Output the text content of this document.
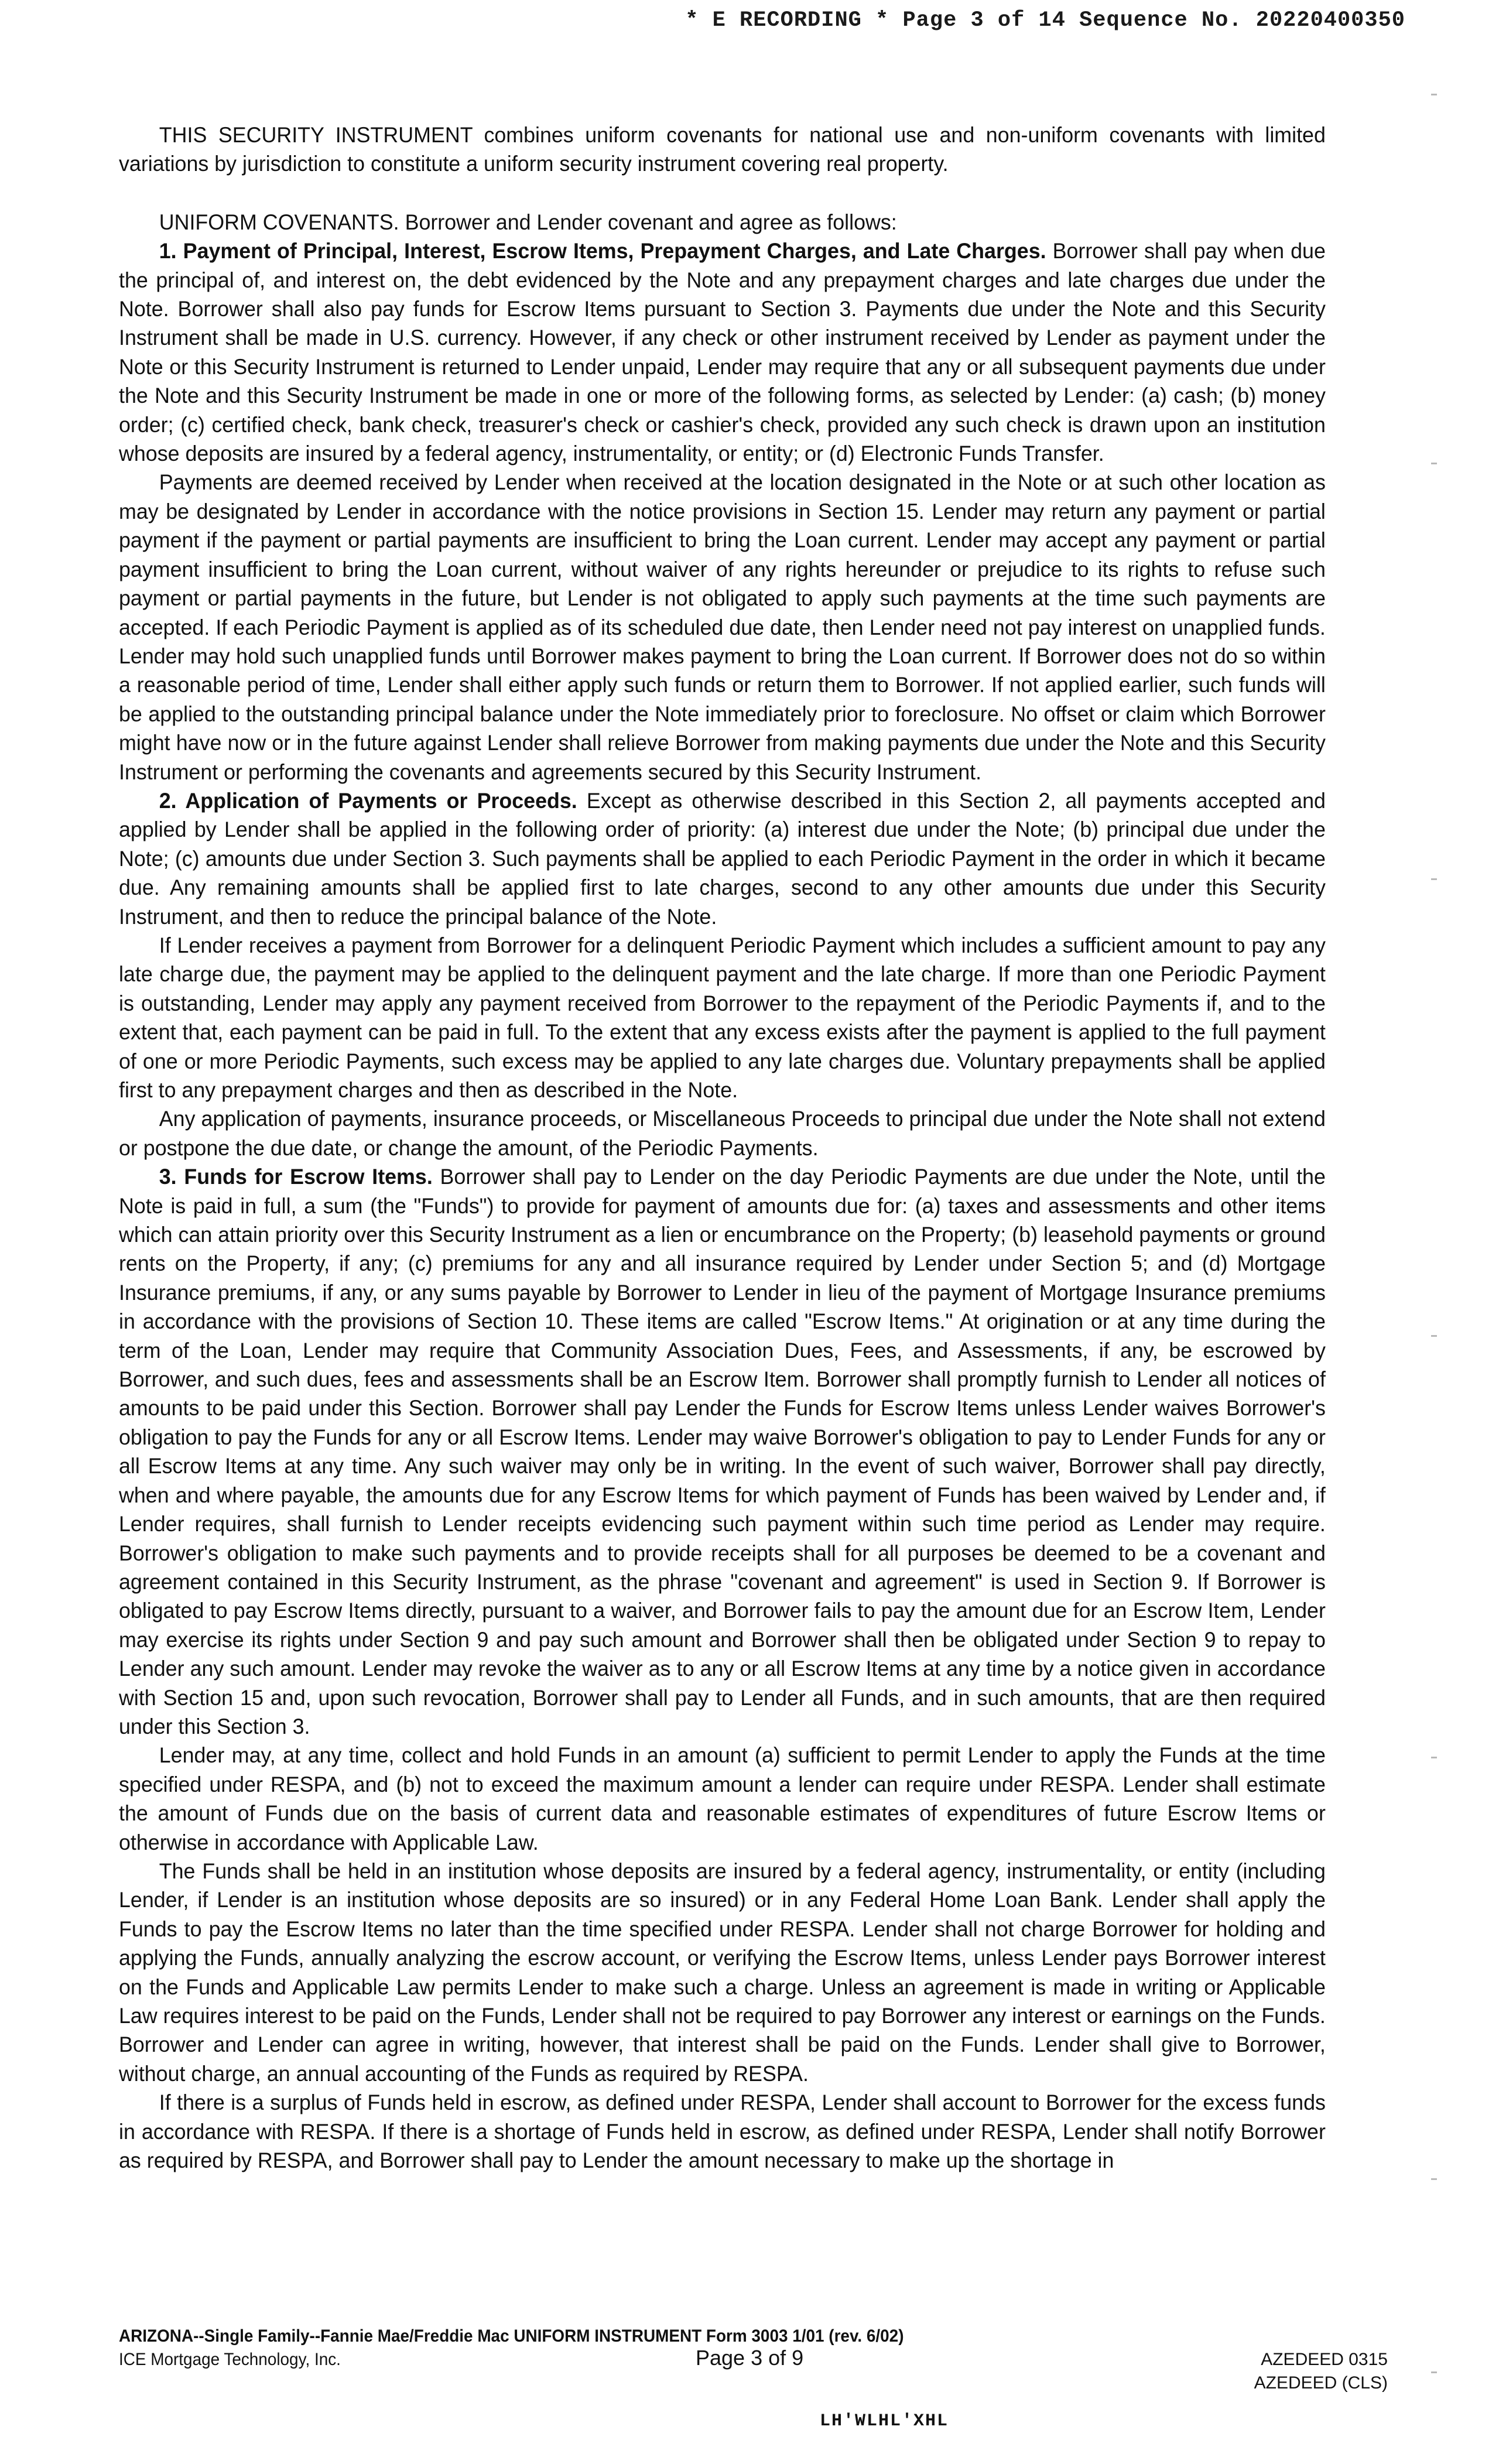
* E RECORDING * Page 3 of 14 Sequence No. 20220400350

THIS SECURITY INSTRUMENT combines uniform covenants for national use and non-uniform covenants with limited variations by jurisdiction to constitute a uniform security instrument covering real property.

UNIFORM COVENANTS. Borrower and Lender covenant and agree as follows:

1. Payment of Principal, Interest, Escrow Items, Prepayment Charges, and Late Charges. Borrower shall pay when due the principal of, and interest on, the debt evidenced by the Note and any prepayment charges and late charges due under the Note. Borrower shall also pay funds for Escrow Items pursuant to Section 3. Payments due under the Note and this Security Instrument shall be made in U.S. currency. However, if any check or other instrument received by Lender as payment under the Note or this Security Instrument is returned to Lender unpaid, Lender may require that any or all subsequent payments due under the Note and this Security Instrument be made in one or more of the following forms, as selected by Lender: (a) cash; (b) money order; (c) certified check, bank check, treasurer's check or cashier's check, provided any such check is drawn upon an institution whose deposits are insured by a federal agency, instrumentality, or entity; or (d) Electronic Funds Transfer.

Payments are deemed received by Lender when received at the location designated in the Note or at such other location as may be designated by Lender in accordance with the notice provisions in Section 15. Lender may return any payment or partial payment if the payment or partial payments are insufficient to bring the Loan current. Lender may accept any payment or partial payment insufficient to bring the Loan current, without waiver of any rights hereunder or prejudice to its rights to refuse such payment or partial payments in the future, but Lender is not obligated to apply such payments at the time such payments are accepted. If each Periodic Payment is applied as of its scheduled due date, then Lender need not pay interest on unapplied funds. Lender may hold such unapplied funds until Borrower makes payment to bring the Loan current. If Borrower does not do so within a reasonable period of time, Lender shall either apply such funds or return them to Borrower. If not applied earlier, such funds will be applied to the outstanding principal balance under the Note immediately prior to foreclosure. No offset or claim which Borrower might have now or in the future against Lender shall relieve Borrower from making payments due under the Note and this Security Instrument or performing the covenants and agreements secured by this Security Instrument.

2. Application of Payments or Proceeds. Except as otherwise described in this Section 2, all payments accepted and applied by Lender shall be applied in the following order of priority: (a) interest due under the Note; (b) principal due under the Note; (c) amounts due under Section 3. Such payments shall be applied to each Periodic Payment in the order in which it became due. Any remaining amounts shall be applied first to late charges, second to any other amounts due under this Security Instrument, and then to reduce the principal balance of the Note.

If Lender receives a payment from Borrower for a delinquent Periodic Payment which includes a sufficient amount to pay any late charge due, the payment may be applied to the delinquent payment and the late charge. If more than one Periodic Payment is outstanding, Lender may apply any payment received from Borrower to the repayment of the Periodic Payments if, and to the extent that, each payment can be paid in full. To the extent that any excess exists after the payment is applied to the full payment of one or more Periodic Payments, such excess may be applied to any late charges due. Voluntary prepayments shall be applied first to any prepayment charges and then as described in the Note.

Any application of payments, insurance proceeds, or Miscellaneous Proceeds to principal due under the Note shall not extend or postpone the due date, or change the amount, of the Periodic Payments.

3. Funds for Escrow Items. Borrower shall pay to Lender on the day Periodic Payments are due under the Note, until the Note is paid in full, a sum (the "Funds") to provide for payment of amounts due for: (a) taxes and assessments and other items which can attain priority over this Security Instrument as a lien or encumbrance on the Property; (b) leasehold payments or ground rents on the Property, if any; (c) premiums for any and all insurance required by Lender under Section 5; and (d) Mortgage Insurance premiums, if any, or any sums payable by Borrower to Lender in lieu of the payment of Mortgage Insurance premiums in accordance with the provisions of Section 10. These items are called "Escrow Items." At origination or at any time during the term of the Loan, Lender may require that Community Association Dues, Fees, and Assessments, if any, be escrowed by Borrower, and such dues, fees and assessments shall be an Escrow Item. Borrower shall promptly furnish to Lender all notices of amounts to be paid under this Section. Borrower shall pay Lender the Funds for Escrow Items unless Lender waives Borrower's obligation to pay the Funds for any or all Escrow Items. Lender may waive Borrower's obligation to pay to Lender Funds for any or all Escrow Items at any time. Any such waiver may only be in writing. In the event of such waiver, Borrower shall pay directly, when and where payable, the amounts due for any Escrow Items for which payment of Funds has been waived by Lender and, if Lender requires, shall furnish to Lender receipts evidencing such payment within such time period as Lender may require. Borrower's obligation to make such payments and to provide receipts shall for all purposes be deemed to be a covenant and agreement contained in this Security Instrument, as the phrase "covenant and agreement" is used in Section 9. If Borrower is obligated to pay Escrow Items directly, pursuant to a waiver, and Borrower fails to pay the amount due for an Escrow Item, Lender may exercise its rights under Section 9 and pay such amount and Borrower shall then be obligated under Section 9 to repay to Lender any such amount. Lender may revoke the waiver as to any or all Escrow Items at any time by a notice given in accordance with Section 15 and, upon such revocation, Borrower shall pay to Lender all Funds, and in such amounts, that are then required under this Section 3.

Lender may, at any time, collect and hold Funds in an amount (a) sufficient to permit Lender to apply the Funds at the time specified under RESPA, and (b) not to exceed the maximum amount a lender can require under RESPA. Lender shall estimate the amount of Funds due on the basis of current data and reasonable estimates of expenditures of future Escrow Items or otherwise in accordance with Applicable Law.

The Funds shall be held in an institution whose deposits are insured by a federal agency, instrumentality, or entity (including Lender, if Lender is an institution whose deposits are so insured) or in any Federal Home Loan Bank. Lender shall apply the Funds to pay the Escrow Items no later than the time specified under RESPA. Lender shall not charge Borrower for holding and applying the Funds, annually analyzing the escrow account, or verifying the Escrow Items, unless Lender pays Borrower interest on the Funds and Applicable Law permits Lender to make such a charge. Unless an agreement is made in writing or Applicable Law requires interest to be paid on the Funds, Lender shall not be required to pay Borrower any interest or earnings on the Funds. Borrower and Lender can agree in writing, however, that interest shall be paid on the Funds. Lender shall give to Borrower, without charge, an annual accounting of the Funds as required by RESPA.

If there is a surplus of Funds held in escrow, as defined under RESPA, Lender shall account to Borrower for the excess funds in accordance with RESPA. If there is a shortage of Funds held in escrow, as defined under RESPA, Lender shall notify Borrower as required by RESPA, and Borrower shall pay to Lender the amount necessary to make up the shortage in

ARIZONA--Single Family--Fannie Mae/Freddie Mac UNIFORM INSTRUMENT Form 3003 1/01 (rev. 6/02)
ICE Mortgage Technology, Inc.	Page 3 of 9	AZEDEED 0315
AZEDEED (CLS)
LH'WLHL'XHL
